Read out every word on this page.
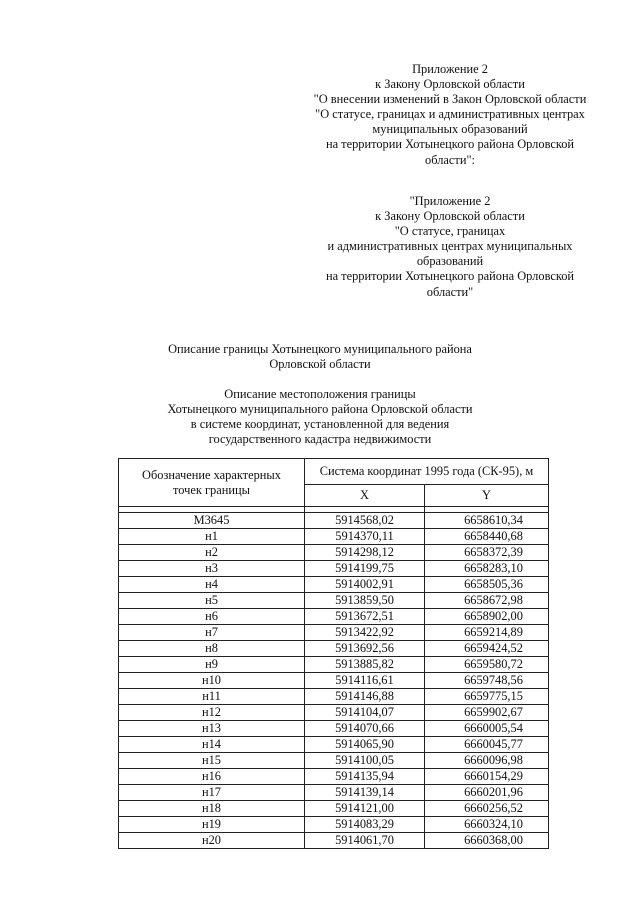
Приложение 2
к Закону Орловской области
"О внесении изменений в Закон Орловской области
"О статусе, границах и административных центрах
муниципальных образований
на территории Хотынецкого района Орловской
области":
"Приложение 2
к Закону Орловской области
"О статусе, границах
и административных центрах муниципальных
образований
на территории Хотынецкого района Орловской
области"
Описание границы Хотынецкого муниципального района
Орловской области
Описание местоположения границы
Хотынецкого муниципального района Орловской области
в системе координат, установленной для ведения
государственного кадастра недвижимости
Обозначение характерных точек границы	Система координат 1995 года (СК-95), м	
	X	Y

М3645	5914568,02	6658610,34
н1	5914370,11	6658440,68
н2	5914298,12	6658372,39
н3	5914199,75	6658283,10
н4	5914002,91	6658505,36
н5	5913859,50	6658672,98
н6	5913672,51	6658902,00
н7	5913422,92	6659214,89
н8	5913692,56	6659424,52
н9	5913885,82	6659580,72
н10	5914116,61	6659748,56
н11	5914146,88	6659775,15
н12	5914104,07	6659902,67
н13	5914070,66	6660005,54
н14	5914065,90	6660045,77
н15	5914100,05	6660096,98
н16	5914135,94	6660154,29
н17	5914139,14	6660201,96
н18	5914121,00	6660256,52
н19	5914083,29	6660324,10
н20	5914061,70	6660368,00
